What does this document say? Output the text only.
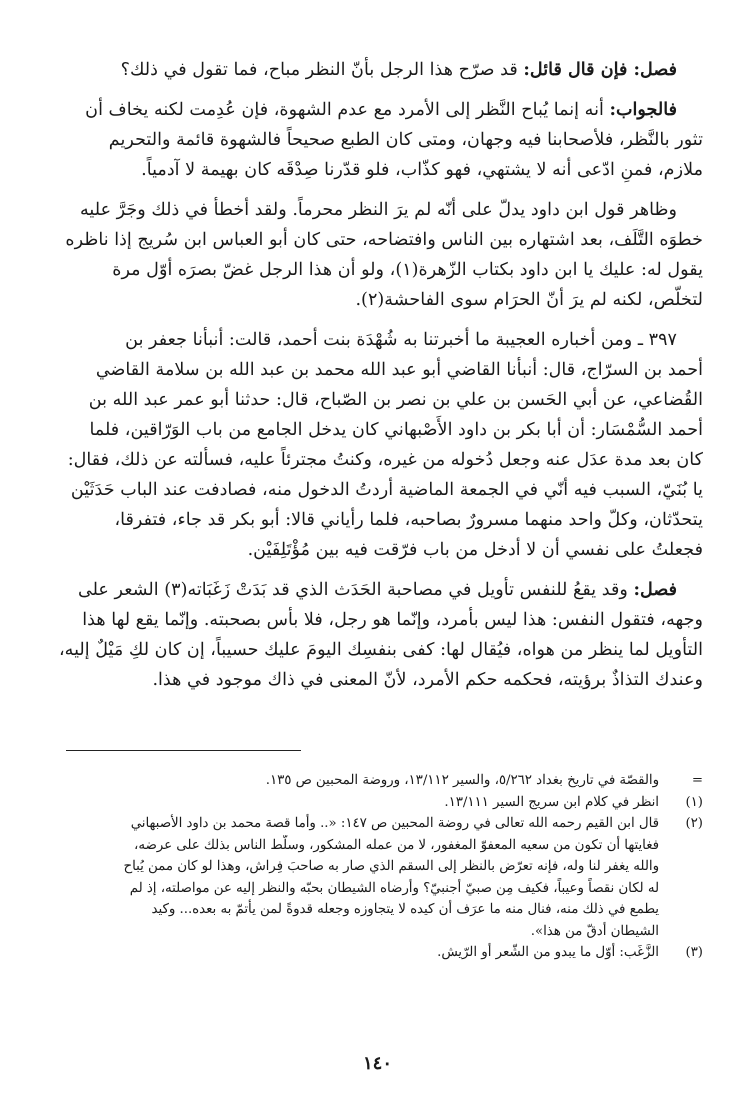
فصل: فإن قال قائل: قد صرّح هذا الرجل بأنّ النظر مباح، فما تقول في ذلك؟

فالجواب: أنه إنما يُباح النَّظر إلى الأمرد مع عدم الشهوة، فإن عُدِمت لكنه يخاف أن
تثور بالنَّظر، فلأصحابنا فيه وجهان، ومتى كان الطبع صحيحاً فالشهوة قائمة والتحريم
ملازم، فمنِ ادّعى أنه لا يشتهي، فهو كذّاب، فلو قدّرنا صِدْقَه كان بهيمة لا آدمياً.

وظاهر قول ابن داود يدلّ على أنّه لم يرَ النظر محرماً. ولقد أخطأ في ذلك وجَرَّ عليه
خطوَه التَّلَف، بعد اشتهاره بين الناس وافتضاحه، حتى كان أبو العباس ابن سُريج إذا ناظره
يقول له: عليك يا ابن داود بكتاب الزّهرة(١)، ولو أن هذا الرجل غضّ بصرَه أوّل مرة
لتخلّص، لكنه لم يرَ أنّ الحرَام سوى الفاحشة(٢).

٣٩٧ ـ ومن أخباره العجيبة ما أخبرتنا به شُهْدَة بنت أحمد، قالت: أنبأنا جعفر بن
أحمد بن السرّاج، قال: أنبأنا القاضي أبو عبد الله محمد بن عبد الله بن سلامة القاضي
القُضاعي، عن أبي الحَسن بن علي بن نصر بن الصّباح، قال: حدثنا أبو عمر عبد الله بن
أحمد السُّمْسَار: أن أبا بكر بن داود الأَصْبهاني كان يدخل الجامع من باب الوَرّاقين، فلما
كان بعد مدة عدَل عنه وجعل دُخوله من غيره، وكنتُ مجترئاً عليه، فسألته عن ذلك، فقال:
يا بُنَيّ، السبب فيه أنّي في الجمعة الماضية أردتُ الدخول منه، فصادفت عند الباب حَدَثَيْن
يتحدّثان، وكلّ واحد منهما مسرورٌ بصاحبه، فلما رأياني قالا: أبو بكر قد جاء، فتفرقا،
فجعلتُ على نفسي أن لا أدخل من باب فرّقت فيه بين مُؤْتَلِفَيْن.

فصل: وقد يقعُ للنفس تأويل في مصاحبة الحَدَث الذي قد بَدَتْ زَغَبَاته(٣) الشعر على
وجهه، فتقول النفس: هذا ليس بأمرد، وإنّما هو رجل، فلا بأس بصحبته. وإنّما يقع لها هذا
التأويل لما ينظر من هواه، فيُقال لها: كفى بنفسِك اليومَ عليك حسيباً، إن كان لكِ مَيْلٌ إليه،
وعندك التذاذٌ برؤيته، فحكمه حكم الأمرد، لأنّ المعنى في ذاك موجود في هذا.

=
والقصّة في تاريخ بغداد ٥/٢٦٢، والسير ١٣/١١٢، وروضة المحبين ص ١٣٥.
(١)
انظر في كلام ابن سريج السير ١٣/١١١.
(٢)
قال ابن القيم رحمه الله تعالى في روضة المحبين ص ١٤٧: «.. وأما قصة محمد بن داود الأصبهاني
فغايتها أن تكون من سعيه المعفوّ المغفور، لا من عمله المشكور، وسلّط الناس بذلك على عرضه،
والله يغفر لنا وله، فإنه تعرّض بالنظر إلى السقم الذي صار به صاحبَ فِراش، وهذا لو كان ممن يُباح
له لكان نقصاً وعيباً، فكيف مِن صبيّ أجنبيّ؟ وأرضاه الشيطان بحبّه والنظر إليه عن مواصلته، إذ لم
يطمع في ذلك منه، فنال منه ما عرَف أن كيده لا يتجاوزه وجعله قدوةً لمن يأتمّ به بعده... وكيد
الشيطان أدقّ من هذا».
(٣)
الزَّغَب: أوّل ما يبدو من الشّعر أو الرّيش.
١٤٠
